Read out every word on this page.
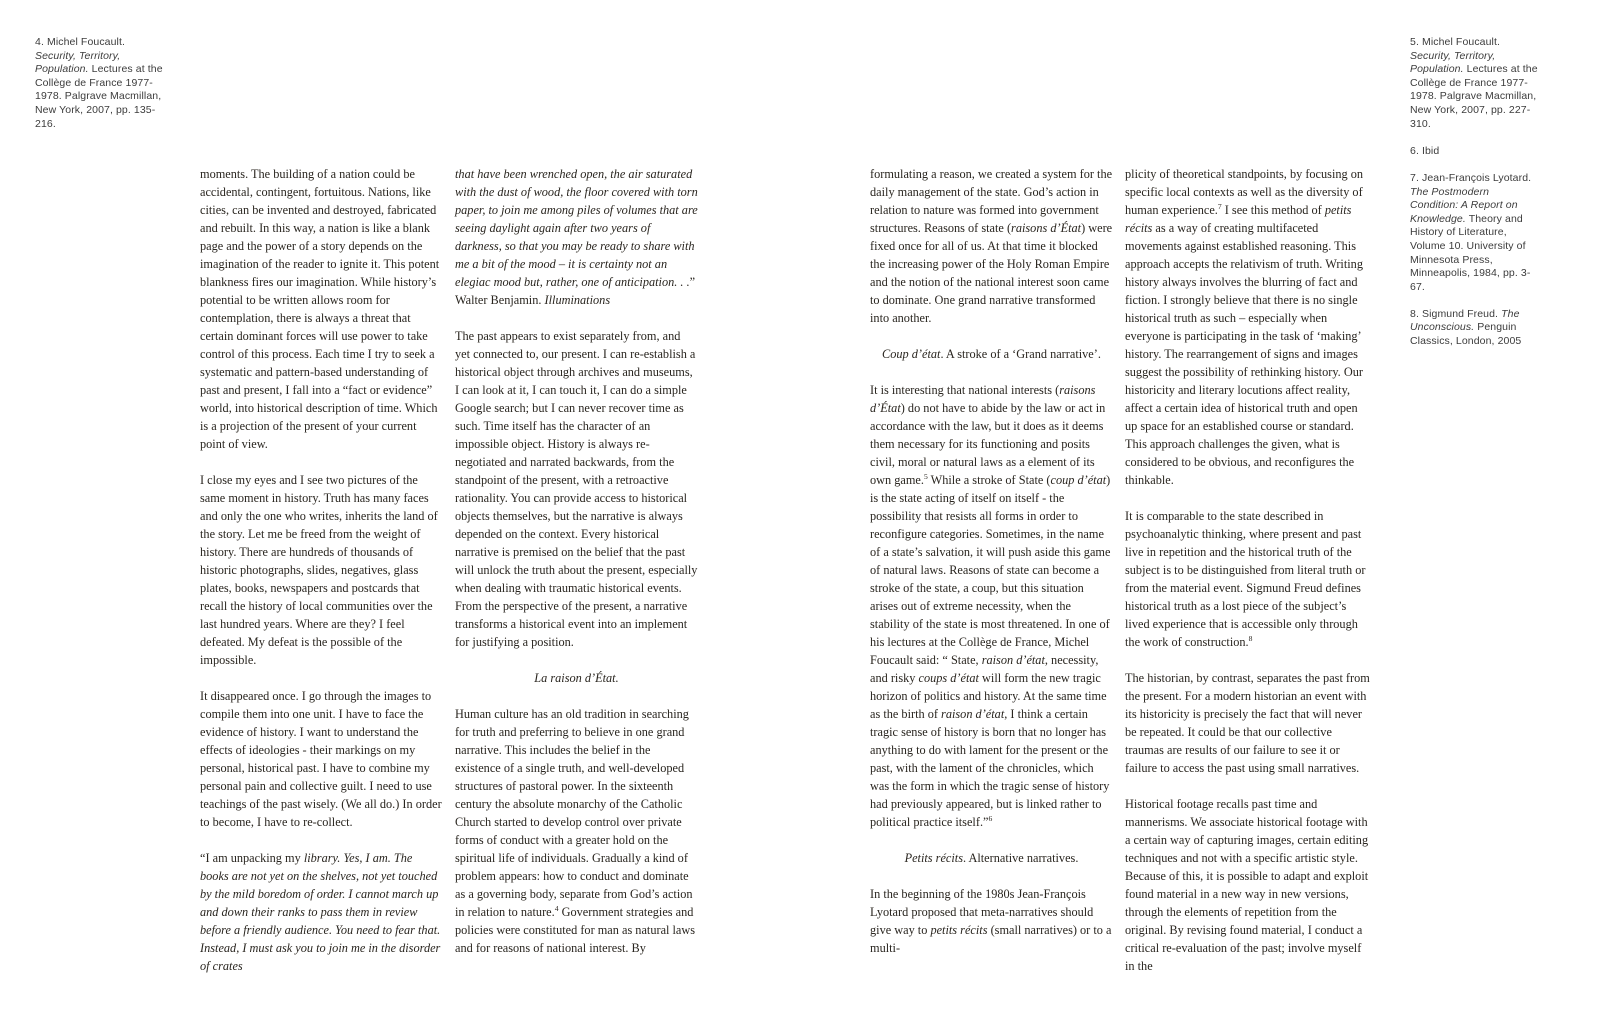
4. Michel Foucault. Security, Territory, Population. Lectures at the Collège de France 1977-1978. Palgrave Macmillan, New York, 2007, pp. 135-216.

moments. The building of a nation could be accidental, contingent, fortuitous. Nations, like cities, can be invented and destroyed, fabricated and rebuilt. In this way, a nation is like a blank page and the power of a story depends on the imagination of the reader to ignite it. This potent blankness fires our imagination. While history’s potential to be written allows room for contemplation, there is always a threat that certain dominant forces will use power to take control of this process. Each time I try to seek a systematic and pattern-based understanding of past and present, I fall into a “fact or evidence” world, into historical description of time. Which is a projection of the present of your current point of view.

I close my eyes and I see two pictures of the same moment in history. Truth has many faces and only the one who writes, inherits the land of the story. Let me be freed from the weight of history. There are hundreds of thousands of historic photographs, slides, negatives, glass plates, books, newspapers and postcards that recall the history of local communities over the last hundred years. Where are they? I feel defeated. My defeat is the possible of the impossible.

It disappeared once. I go through the images to compile them into one unit. I have to face the evidence of history. I want to understand the effects of ideologies - their markings on my personal, historical past. I have to combine my personal pain and collective guilt. I need to use teachings of the past wisely. (We all do.) In order to become, I have to re-collect.

“I am unpacking my library. Yes, I am. The books are not yet on the shelves, not yet touched by the mild boredom of order. I cannot march up and down their ranks to pass them in review before a friendly audience. You need to fear that. Instead, I must ask you to join me in the disorder of crates

that have been wrenched open, the air saturated with the dust of wood, the floor covered with torn paper, to join me among piles of volumes that are seeing daylight again after two years of darkness, so that you may be ready to share with me a bit of the mood – it is certainty not an elegiac mood but, rather, one of anticipation. . .” Walter Benjamin. Illuminations

The past appears to exist separately from, and yet connected to, our present. I can re-establish a historical object through archives and museums, I can look at it, I can touch it, I can do a simple Google search; but I can never recover time as such. Time itself has the character of an impossible object. History is always re-negotiated and narrated backwards, from the standpoint of the present, with a retroactive rationality. You can provide access to historical objects themselves, but the narrative is always depended on the context. Every historical narrative is premised on the belief that the past will unlock the truth about the present, especially when dealing with traumatic historical events. From the perspective of the present, a narrative transforms a historical event into an implement for justifying a position.

La raison d’État.

Human culture has an old tradition in searching for truth and preferring to believe in one grand narrative. This includes the belief in the existence of a single truth, and well-developed structures of pastoral power. In the sixteenth century the absolute monarchy of the Catholic Church started to develop control over private forms of conduct with a greater hold on the spiritual life of individuals. Gradually a kind of problem appears: how to conduct and dominate as a governing body, separate from God’s action in relation to nature.$^4$ Government strategies and policies were constituted for man as natural laws and for reasons of national interest. By

formulating a reason, we created a system for the daily management of the state. God’s action in relation to nature was formed into government structures. Reasons of state (raisons d’État) were fixed once for all of us. At that time it blocked the increasing power of the Holy Roman Empire and the notion of the national interest soon came to dominate. One grand narrative transformed into another.

Coup d’état. A stroke of a ‘Grand narrative’.

It is interesting that national interests (raisons d’État) do not have to abide by the law or act in accordance with the law, but it does as it deems them necessary for its functioning and posits civil, moral or natural laws as a element of its own game.$^5$ While a stroke of State (coup d’état) is the state acting of itself on itself - the possibility that resists all forms in order to reconfigure categories. Sometimes, in the name of a state’s salvation, it will push aside this game of natural laws. Reasons of state can become a stroke of the state, a coup, but this situation arises out of extreme necessity, when the stability of the state is most threatened. In one of his lectures at the Collège de France, Michel Foucault said: “ State, raison d’état, necessity, and risky coups d’état will form the new tragic horizon of politics and history. At the same time as the birth of raison d’état, I think a certain tragic sense of history is born that no longer has anything to do with lament for the present or the past, with the lament of the chronicles, which was the form in which the tragic sense of history had previously appeared, but is linked rather to political practice itself.”$^6$

Petits récits. Alternative narratives.

In the beginning of the 1980s Jean-François Lyotard proposed that meta-narratives should give way to petits récits (small narratives) or to a multi-

plicity of theoretical standpoints, by focusing on specific local contexts as well as the diversity of human experience.$^7$ I see this method of petits récits as a way of creating multifaceted movements against established reasoning. This approach accepts the relativism of truth. Writing history always involves the blurring of fact and fiction. I strongly believe that there is no single historical truth as such – especially when everyone is participating in the task of ‘making’ history. The rearrangement of signs and images suggest the possibility of rethinking history. Our historicity and literary locutions affect reality, affect a certain idea of historical truth and open up space for an established course or standard. This approach challenges the given, what is considered to be obvious, and reconfigures the thinkable.

It is comparable to the state described in psychoanalytic thinking, where present and past live in repetition and the historical truth of the subject is to be distinguished from literal truth or from the material event. Sigmund Freud defines historical truth as a lost piece of the subject’s lived experience that is accessible only through the work of construction.$^8$

The historian, by contrast, separates the past from the present. For a modern historian an event with its historicity is precisely the fact that will never be repeated. It could be that our collective traumas are results of our failure to see it or failure to access the past using small narratives.

Historical footage recalls past time and mannerisms. We associate historical footage with a certain way of capturing images, certain editing techniques and not with a specific artistic style. Because of this, it is possible to adapt and exploit found material in a new way in new versions, through the elements of repetition from the original. By revising found material, I conduct a critical re-evaluation of the past; involve myself in the

5. Michel Foucault. Security, Territory, Population. Lectures at the Collège de France 1977-1978. Palgrave Macmillan, New York, 2007, pp. 227-310.

6. Ibid

7. Jean-François Lyotard. The Postmodern Condition: A Report on Knowledge. Theory and History of Literature, Volume 10. University of Minnesota Press, Minneapolis, 1984, pp. 3-67.

8. Sigmund Freud. The Unconscious. Penguin Classics, London, 2005
